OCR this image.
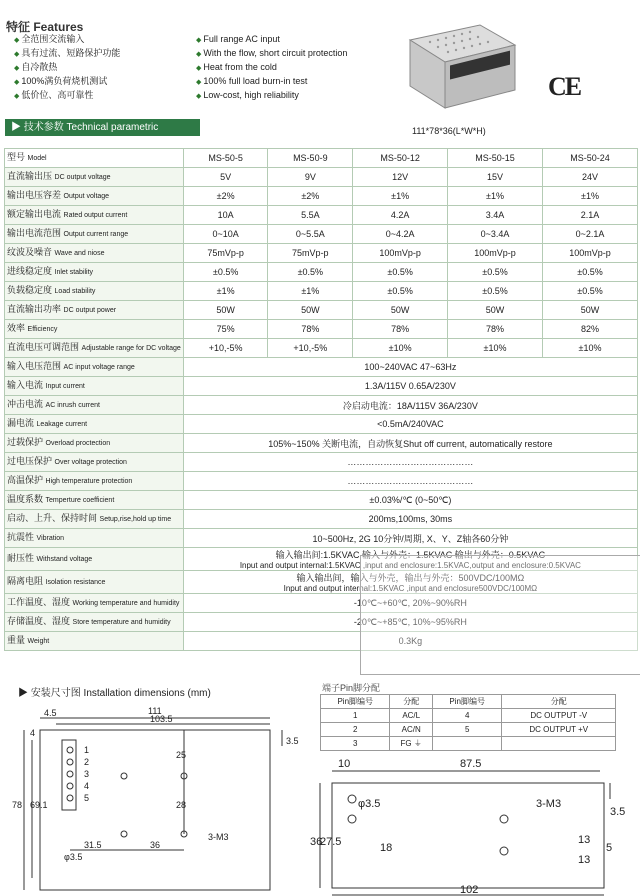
特征 Features
◆ 全范围交流输入
◆ 具有过流、短路保护功能
◆ 自冷散热
◆ 100%满负荷烧机测试
◆ 低价位、高可靠性
◆ Full range AC input
◆ With the flow, short circuit protection
◆ Heat from the cold
◆ 100% full load burn-in test
◆ Low-cost, high reliability	CE
111*78*36(L*W*H)
▶ 技术参数 Technical parametric
型号 Model	MS-50-5	MS-50-9	MS-50-12	MS-50-15	MS-50-24
直流输出压 DC output voltage	5V	9V	12V	15V	24V
输出电压容差 Output voltage	±2%	±2%	±1%	±1%	±1%
额定输出电流 Rated output current	10A	5.5A	4.2A	3.4A	2.1A
输出电流范围 Output current range	0~10A	0~5.5A	0~4.2A	0~3.4A	0~2.1A
纹波及噪音 Wave and niose	75mVp-p	75mVp-p	100mVp-p	100mVp-p	100mVp-p
进线稳定度 Inlet stability	±0.5%	±0.5%	±0.5%	±0.5%	±0.5%
负载稳定度 Load stability	±1%	±1%	±0.5%	±0.5%	±0.5%
直流输出功率 DC output power	50W	50W	50W	50W	50W
效率 Efficiency	75%	78%	78%	78%	82%
直流电压可调范围 Adjustable range for DC voltage	+10,-5%	+10,-5%	±10%	±10%	±10%
输入电压范围 AC input voltage range	100~240VAC 47~63Hz				

输入电流 Input current	1.3A/115V 0.65A/230V				

冲击电流 AC inrush current	冷启动电流：18A/115V 36A/230V				

漏电流 Leakage current	<0.5mA/240VAC				

过载保护 Overload proctection	105%~150% 关断电流，自动恢复Shut off current, automatically restore				

过电压保护 Over voltage protection	……………………………………				

高温保护 High temperature protection	……………………………………				

温度系数 Temperture coefficient	±0.03%/℃ (0~50℃)				

启动、上升、保持时间 Setup,rise,hold up time	200ms,100ms, 30ms				

抗震性 Vibration	10~500Hz, 2G 10分钟/周期, X、Y、Z轴各60分钟				

耐压性 Withstand voltage	输入输出间:1.5KVAC 输入与外壳：1.5KVAC 输出与外壳：0.5KVAC
Input and output internal:1.5KVAC ,input and enclosure:1.5KVAC,output and enclosure:0.5KVAC				

隔离电阻 Isolation resistance	输入输出间，输入与外壳，输出与外壳：500VDC/100MΩ
Input and output internal:1.5KVAC ,input and enclosure500VDC/100MΩ				

工作温度、湿度 Working temperature and humidity	-10℃~+60℃, 20%~90%RH				

存储温度、湿度 Store temperature and humidity	-20℃~+85℃, 10%~95%RH				

重量 Weight	0.3Kg				
▶ 安装尺寸图 Installation dimensions (mm)	端子Pin脚分配
Pin脚编号	分配	Pin脚编号	分配
1	AC/L	4	DC OUTPUT -V
2	AC/N	5	DC OUTPUT +V
3	FG ⏚		
4.5	111
103.5
4
25
28
3-M3
78 69.1
31.5	36
φ3.5
3.5
1
2
3
4
5
10	87.5
φ3.5	3-M3
3.5
36
27.5	18
13
13
5
102
